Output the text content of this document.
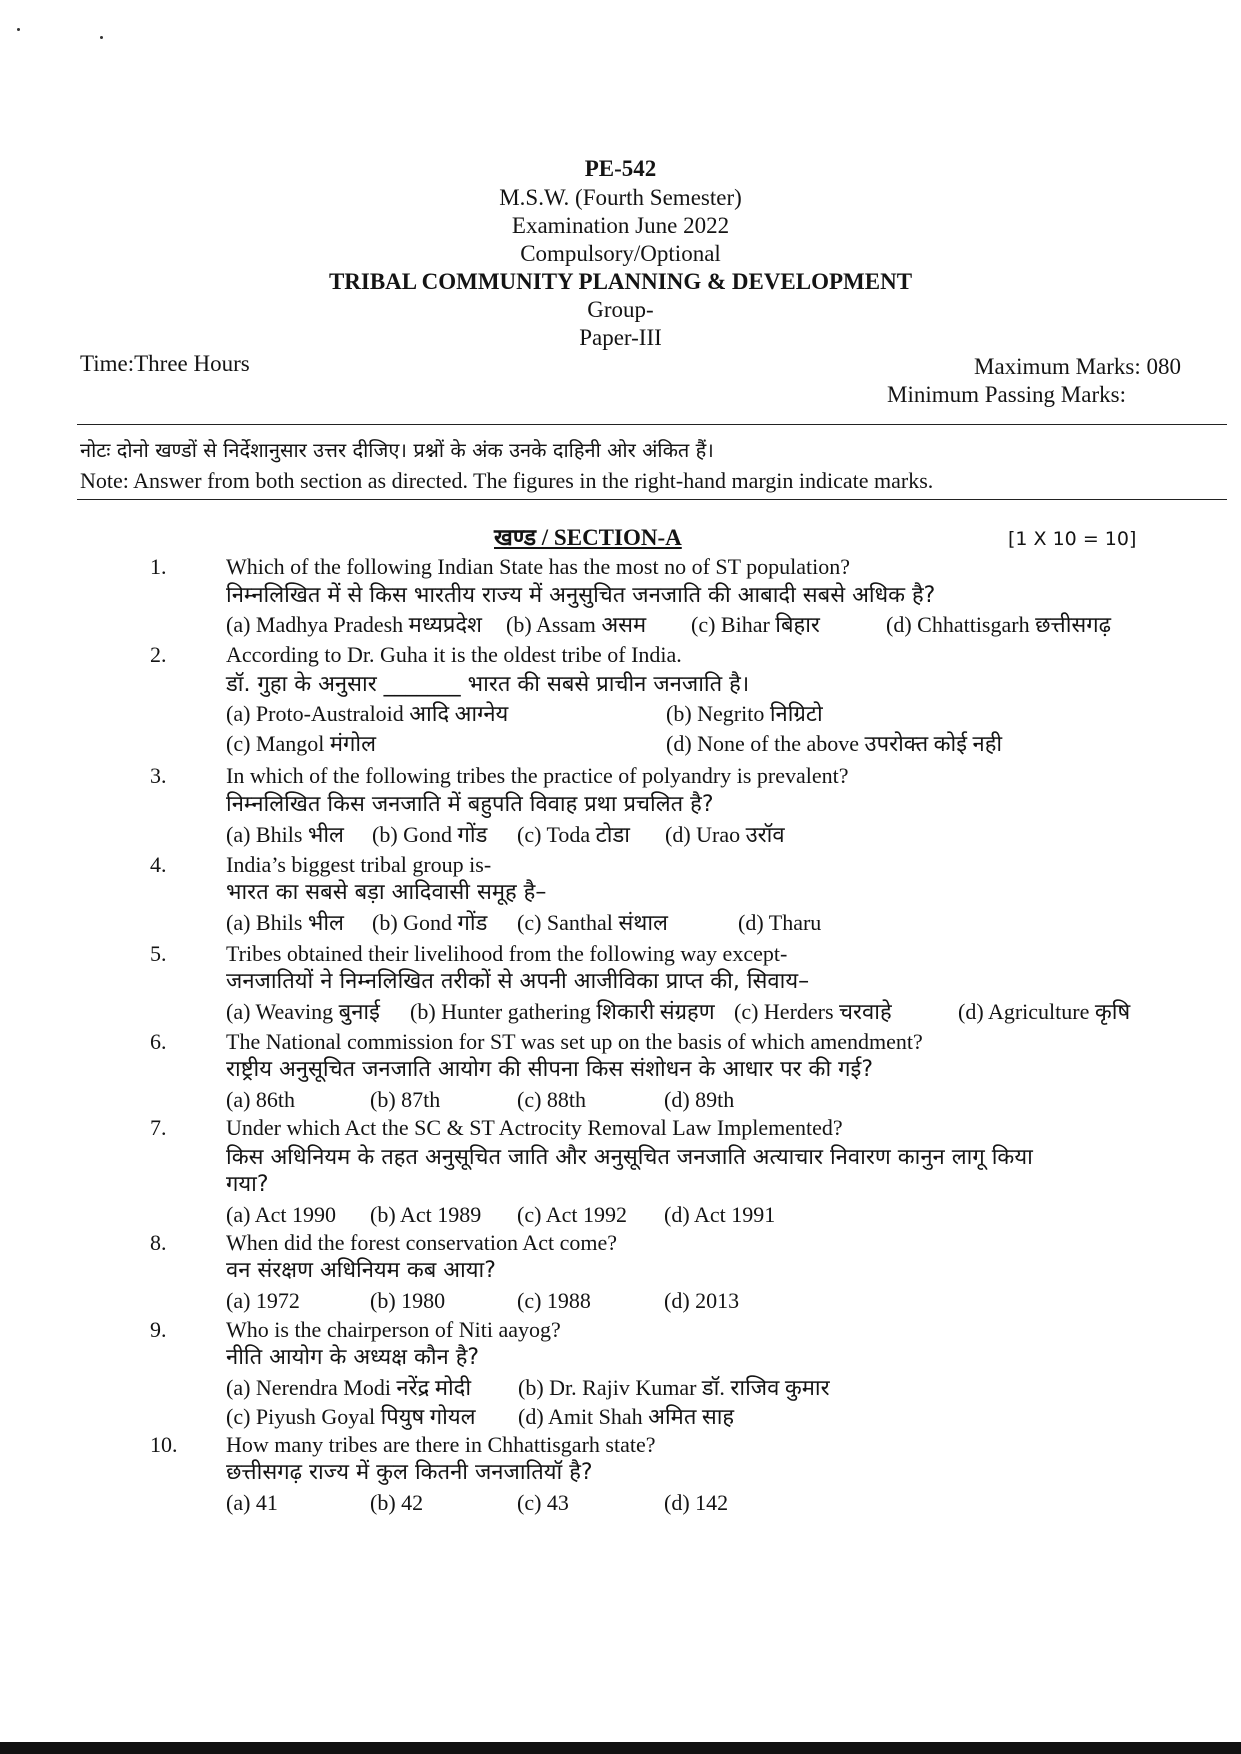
PE-542
M.S.W. (Fourth Semester)
Examination June 2022
Compulsory/Optional
TRIBAL COMMUNITY PLANNING & DEVELOPMENT
Group-
Paper-III
Time:Three Hours	Maximum Marks: 080
Minimum Passing Marks:
नोटः दोनो खण्डों से निर्देशानुसार उत्तर दीजिए। प्रश्नों के अंक उनके दाहिनी ओर अंकित हैं।
Note: Answer from both section as directed. The figures in the right-hand margin indicate marks.
खण्ड / SECTION-A	[1 X 10 = 10]
1.	Which of the following Indian State has the most no of ST population?
निम्नलिखित में से किस भारतीय राज्य में अनुसुचित जनजाति की आबादी सबसे अधिक है?
(a) Madhya Pradesh मध्यप्रदेश (b) Assam असम (c) Bihar बिहार	(d) Chhattisgarh छत्तीसगढ़
2.	According to Dr. Guha it is the oldest tribe of India.
डॉ. गुहा के अनुसार _______ भारत की सबसे प्राचीन जनजाति है।
(a) Proto-Australoid आदि आग्नेय	(b) Negrito निग्रिटो
(c) Mangol मंगोल	(d) None of the above उपरोक्त कोई नही
3.	In which of the following tribes the practice of polyandry is prevalent?
निम्नलिखित किस जनजाति में बहुपति विवाह प्रथा प्रचलित है?
(a) Bhils भील (b) Gond गोंड (c) Toda टोडा (d) Urao उरॉव
4.	India’s biggest tribal group is-
भारत का सबसे बड़ा आदिवासी समूह है–
(a) Bhils भील (b) Gond गोंड (c) Santhal संथाल	(d) Tharu
5.	Tribes obtained their livelihood from the following way except-
जनजातियों ने निम्नलिखित तरीकों से अपनी आजीविका प्राप्त की, सिवाय–
(a) Weaving बुनाई (b) Hunter gathering शिकारी संग्रहण (c) Herders चरवाहे	(d) Agriculture कृषि
6.	The National commission for ST was set up on the basis of which amendment?
राष्ट्रीय अनुसूचित जनजाति आयोग की सीपना किस संशोधन के आधार पर की गई?
(a) 86th	(b) 87th	(c) 88th	(d) 89th
7.	Under which Act the SC & ST Actrocity Removal Law Implemented?
किस अधिनियम के तहत अनुसूचित जाति और अनुसूचित जनजाति अत्याचार निवारण कानुन लागू किया
गया?
(a) Act 1990 (b) Act 1989 (c) Act 1992 (d) Act 1991
8.	When did the forest conservation Act come?
वन संरक्षण अधिनियम कब आया?
(a) 1972	(b) 1980	(c) 1988	(d) 2013
9.	Who is the chairperson of Niti aayog?
नीति आयोग के अध्यक्ष कौन है?
(a) Nerendra Modi नरेंद्र मोदी (b) Dr. Rajiv Kumar डॉ. राजिव कुमार
(c) Piyush Goyal पियुष गोयल (d) Amit Shah अमित साह
10. How many tribes are there in Chhattisgarh state?
छत्तीसगढ़ राज्य में कुल कितनी जनजातियॉ है?
(a) 41	(b) 42	(c) 43	(d) 142
